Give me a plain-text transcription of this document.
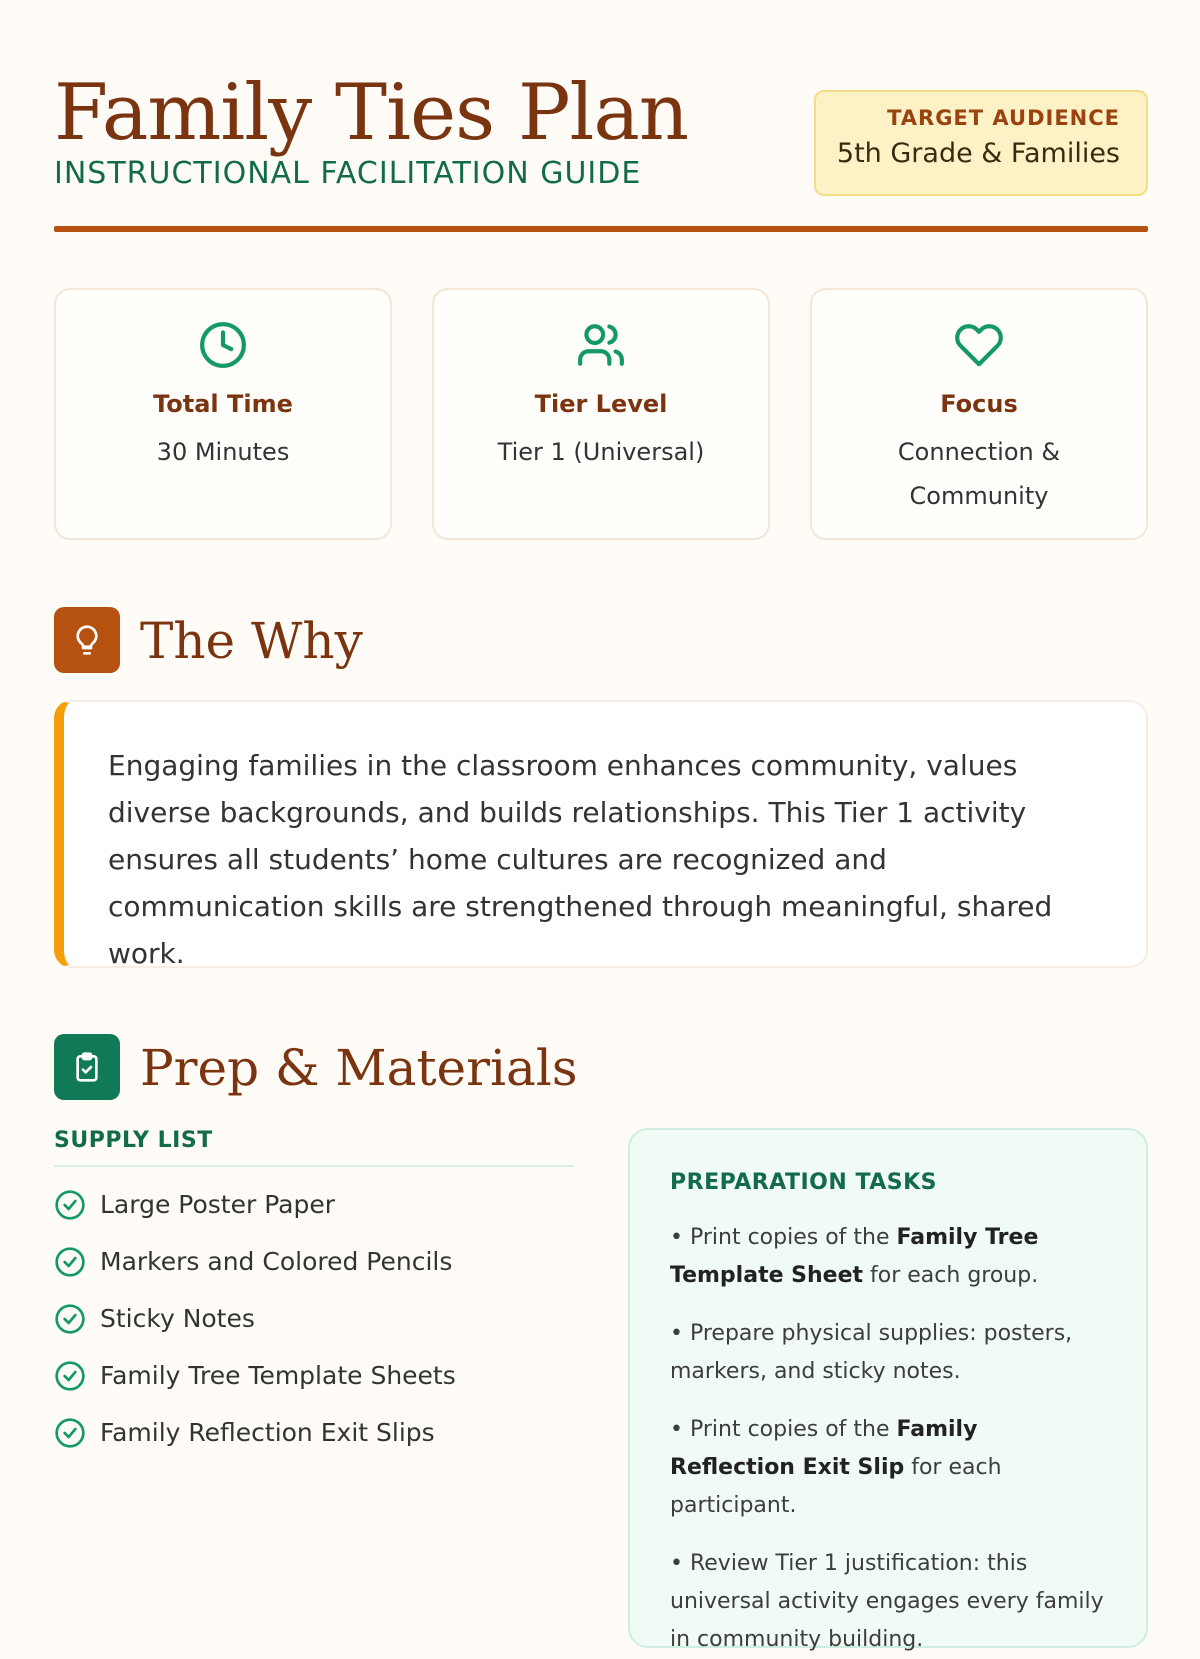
Family Ties Plan
INSTRUCTIONAL FACILITATION GUIDE
TARGET AUDIENCE
5th Grade & Families
Total Time
30 Minutes
Tier Level
Tier 1 (Universal)
Focus
Connection & Community
The Why

Engaging families in the classroom enhances community, values diverse backgrounds, and builds relationships. This Tier 1 activity ensures all students’ home cultures are recognized and communication skills are strengthened through meaningful, shared work.

Prep & Materials
SUPPLY LIST
Large Poster Paper
Markers and Colored Pencils
Sticky Notes
Family Tree Template Sheets
Family Reflection Exit Slips
PREPARATION TASKS
• Print copies of the Family Tree Template Sheet for each group.
• Prepare physical supplies: posters, markers, and sticky notes.
• Print copies of the Family Reflection Exit Slip for each participant.
• Review Tier 1 justification: this universal activity engages every family in community building.
